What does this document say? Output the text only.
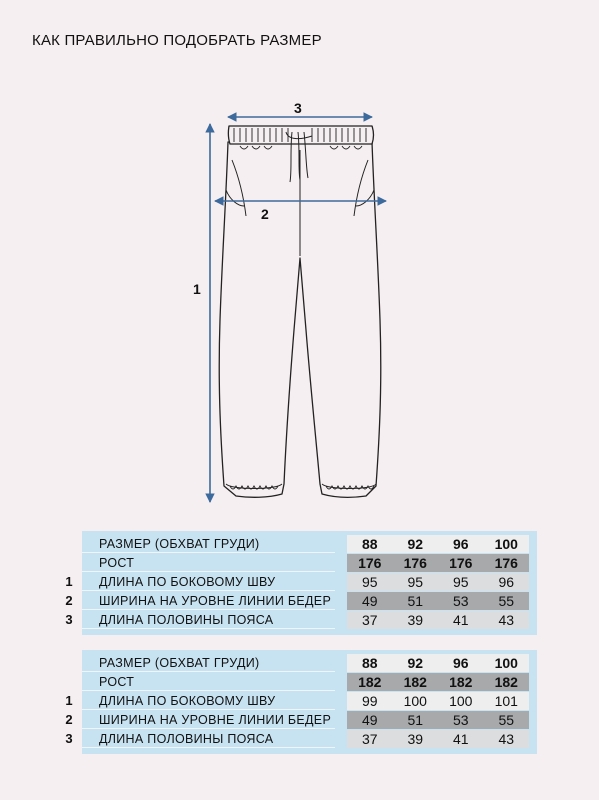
КАК ПРАВИЛЬНО ПОДОБРАТЬ РАЗМЕР
3
2
1
РАЗМЕР (ОБХВАТ ГРУДИ)	88	92	96	100
РОСТ	176	176	176	176
1	ДЛИНА ПО БОКОВОМУ ШВУ	95	95	95	96
2	ШИРИНА НА УРОВНЕ ЛИНИИ БЕДЕР	49	51	53	55
3	ДЛИНА ПОЛОВИНЫ ПОЯСА	37	39	41	43
РАЗМЕР (ОБХВАТ ГРУДИ)	88	92	96	100
РОСТ	182	182	182	182
1	ДЛИНА ПО БОКОВОМУ ШВУ	99	100	100	101
2	ШИРИНА НА УРОВНЕ ЛИНИИ БЕДЕР	49	51	53	55
3	ДЛИНА ПОЛОВИНЫ ПОЯСА	37	39	41	43
